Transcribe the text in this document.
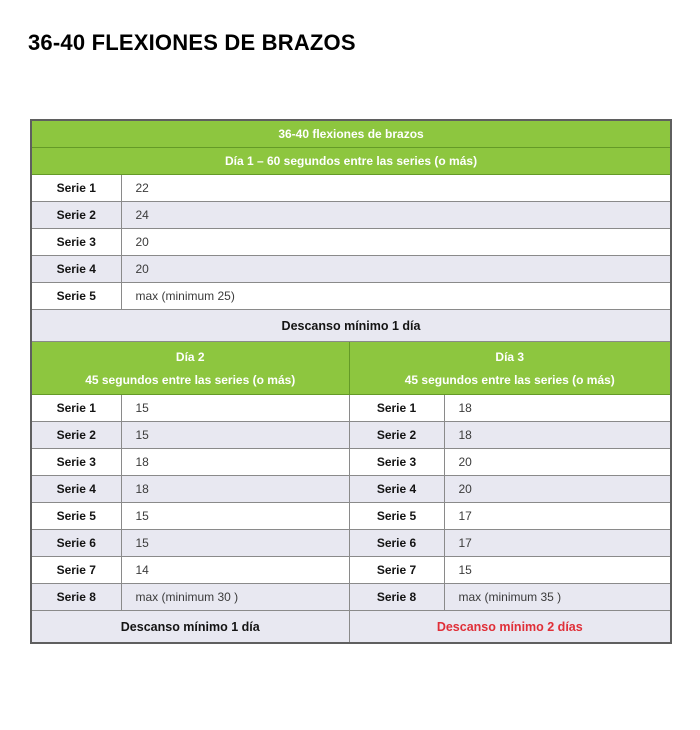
36-40 FLEXIONES DE BRAZOS
36-40 flexiones de brazos			
Día 1 – 60 segundos entre las series (o más)			
Serie 1	22		
Serie 2	24		
Serie 3	20		
Serie 4	20		
Serie 5	max (minimum 25)		
Descanso mínimo 1 día			

Día 2
45 segundos entre las series (o más)

Día 3
45 segundos entre las series (o más)

Serie 1	15	Serie 1	18
Serie 2	15	Serie 2	18
Serie 3	18	Serie 3	20
Serie 4	18	Serie 4	20
Serie 5	15	Serie 5	17
Serie 6	15	Serie 6	17
Serie 7	14	Serie 7	15
Serie 8	max (minimum 30 )	Serie 8	max (minimum 35 )
Descanso mínimo 1 día		Descanso mínimo 2 días	
